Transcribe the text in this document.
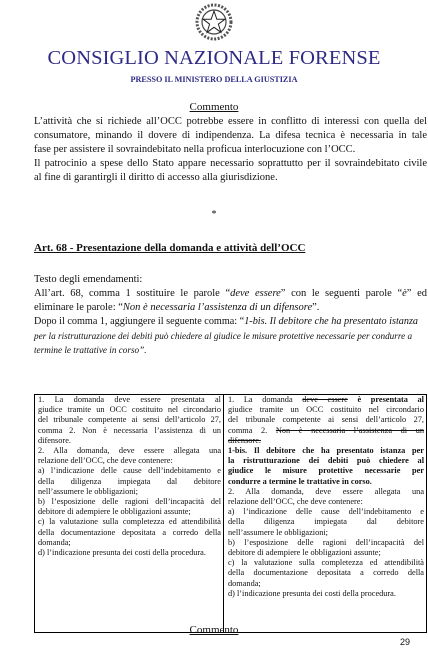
CONSIGLIO NAZIONALE FORENSE
PRESSO IL MINISTERO DELLA GIUSTIZIA
Commento
L’attività che si richiede all’OCC potrebbe essere in conflitto di interessi con quella del
consumatore, minando il dovere di indipendenza. La difesa tecnica è necessaria in tale
fase per assistere il sovraindebitato nella proficua interlocuzione con l’OCC.
Il patrocinio a spese dello Stato appare necessario soprattutto per il sovraindebitato civile
al fine di garantirgli il diritto di accesso alla giurisdizione.
*
Art. 68 - Presentazione della domanda e attività dell’OCC
Testo degli emendamenti:
All’art. 68, comma 1 sostituire le parole “deve essere” con le seguenti parole “è” ed
eliminare le parole: “Non è necessaria l’assistenza di un difensore”.
Dopo il comma 1, aggiungere il seguente comma: “1-bis. Il debitore che ha presentato istanza
per la ristrutturazione dei debiti può chiedere al giudice le misure protettive necessarie per condurre a
termine le trattative in corso”.
1. La domanda deve essere presentata al
giudice tramite un OCC costituito nel circondario
del tribunale competente ai sensi dell’articolo 27,
comma 2. Non è necessaria l’assistenza di un
difensore.
2. Alla domanda, deve essere allegata una
relazione dell’OCC, che deve contenere:
a) l’indicazione delle cause dell’indebitamento e
della diligenza impiegata dal debitore
nell’assumere le obbligazioni;
b) l’esposizione delle ragioni dell’incapacità del
debitore di adempiere le obbligazioni assunte;
c) la valutazione sulla completezza ed attendibilità
della documentazione depositata a corredo della
domanda;
d) l’indicazione presunta dei costi della procedura.
1. La domanda deve essere è presentata al
giudice tramite un OCC costituito nel circondario
del tribunale competente ai sensi dell’articolo 27,
comma 2. Non è necessaria l’assistenza di un
difensore.
1-bis. Il debitore che ha presentato istanza per
la ristrutturazione dei debiti può chiedere al
giudice le misure protettive necessarie per
condurre a termine le trattative in corso.
2. Alla domanda, deve essere allegata una
relazione dell’OCC, che deve contenere:
a) l’indicazione delle cause dell’indebitamento e
della diligenza impiegata dal debitore
nell’assumere le obbligazioni;
b) l’esposizione delle ragioni dell’incapacità del
debitore di adempiere le obbligazioni assunte;
c) la valutazione sulla completezza ed attendibilità
della documentazione depositata a corredo della
domanda;
d) l’indicazione presunta dei costi della procedura.
Commento
29
